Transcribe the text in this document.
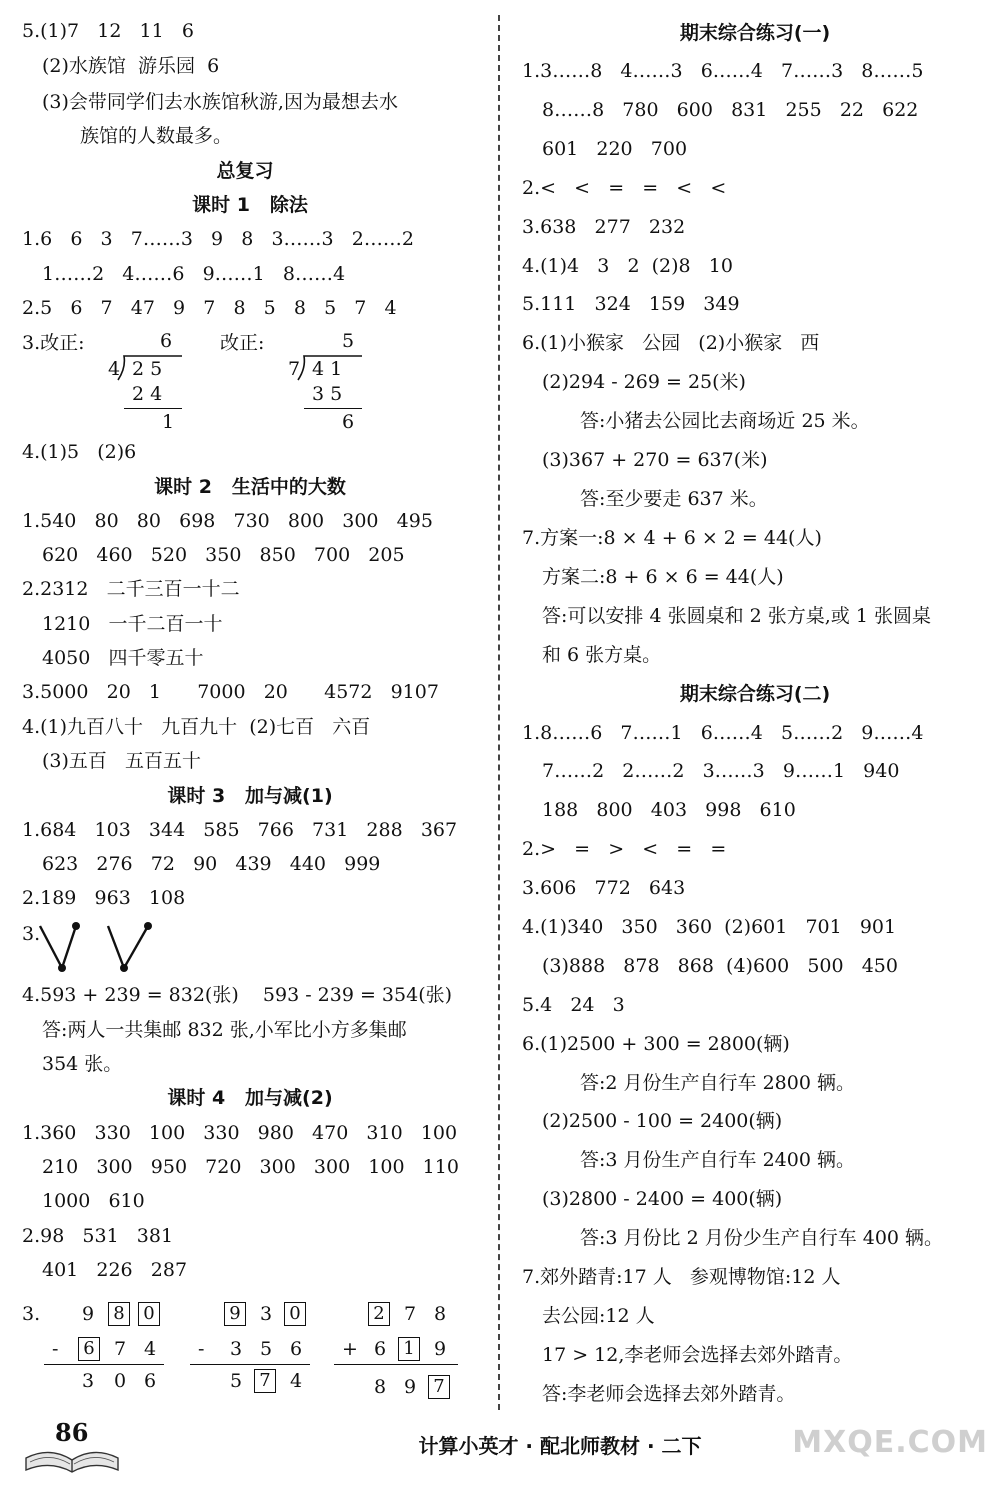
5.(1)7   12   11   6
(2)水族馆  游乐园  6
(3)会带同学们去水族馆秋游,因为最想去水
族馆的人数最多。
总复习
课时 1   除法
1.6   6   3   7……3   9   8   3……3   2……2
1……2   4……6   9……1   8……4
2.5   6   7   47   9   7   8   5   8   5   7   4
3.改正:	改正:
6
4 2 5
2 4
1
5
7 4 1
3 5
6
4.(1)5   (2)6
课时 2   生活中的大数
1.540   80   80   698   730   800   300   495
620   460   520   350   850   700   205
2.2312   二千三百一十二
1210   一千二百一十
4050   四千零五十
3.5000   20   1      7000   20      4572   9107
4.(1)九百八十   九百九十  (2)七百   六百
(3)五百   五百五十
课时 3   加与减(1)
1.684   103   344   585   766   731   288   367
623   276   72   90   439   440   999
2.189   963   108
3.
4.593 + 239 = 832(张)    593 - 239 = 354(张)
答:两人一共集邮 832 张,小军比小方多集邮
354 张。
课时 4   加与减(2)
1.360   330   100   330   980   470   310   100
210   300   950   720   300   300   100   110
1000   610
2.98   531   381
401   226   287
3. 9 8 0
- 6 7 4
3 0 6
9 3 0
- 3 5 6
5 7 4
2 7 8
+ 6 1 9
8 9 7
期末综合练习(一)
1.3……8   4……3   6……4   7……3   8……5
8……8   780   600   831   255   22   622
601   220   700
2.<   <   =   =   <   <
3.638   277   232
4.(1)4   3   2  (2)8   10
5.111   324   159   349
6.(1)小猴家   公园   (2)小猴家   西
(2)294 - 269 = 25(米)
答:小猪去公园比去商场近 25 米。
(3)367 + 270 = 637(米)
答:至少要走 637 米。
7.方案一:8 × 4 + 6 × 2 = 44(人)
方案二:8 + 6 × 6 = 44(人)
答:可以安排 4 张圆桌和 2 张方桌,或 1 张圆桌
和 6 张方桌。
期末综合练习(二)
1.8……6   7……1   6……4   5……2   9……4
7……2   2……2   3……3   9……1   940
188   800   403   998   610
2.>   =   >   <   =   =
3.606   772   643
4.(1)340   350   360  (2)601   701   901
(3)888   878   868  (4)600   500   450
5.4   24   3
6.(1)2500 + 300 = 2800(辆)
答:2 月份生产自行车 2800 辆。
(2)2500 - 100 = 2400(辆)
答:3 月份生产自行车 2400 辆。
(3)2800 - 2400 = 400(辆)
答:3 月份比 2 月份少生产自行车 400 辆。
7.郊外踏青:17 人   参观博物馆:12 人
去公园:12 人
17 > 12,李老师会选择去郊外踏青。
答:李老师会选择去郊外踏青。
86	计算小英才 · 配北师教材 · 二下	MXQE.COM
